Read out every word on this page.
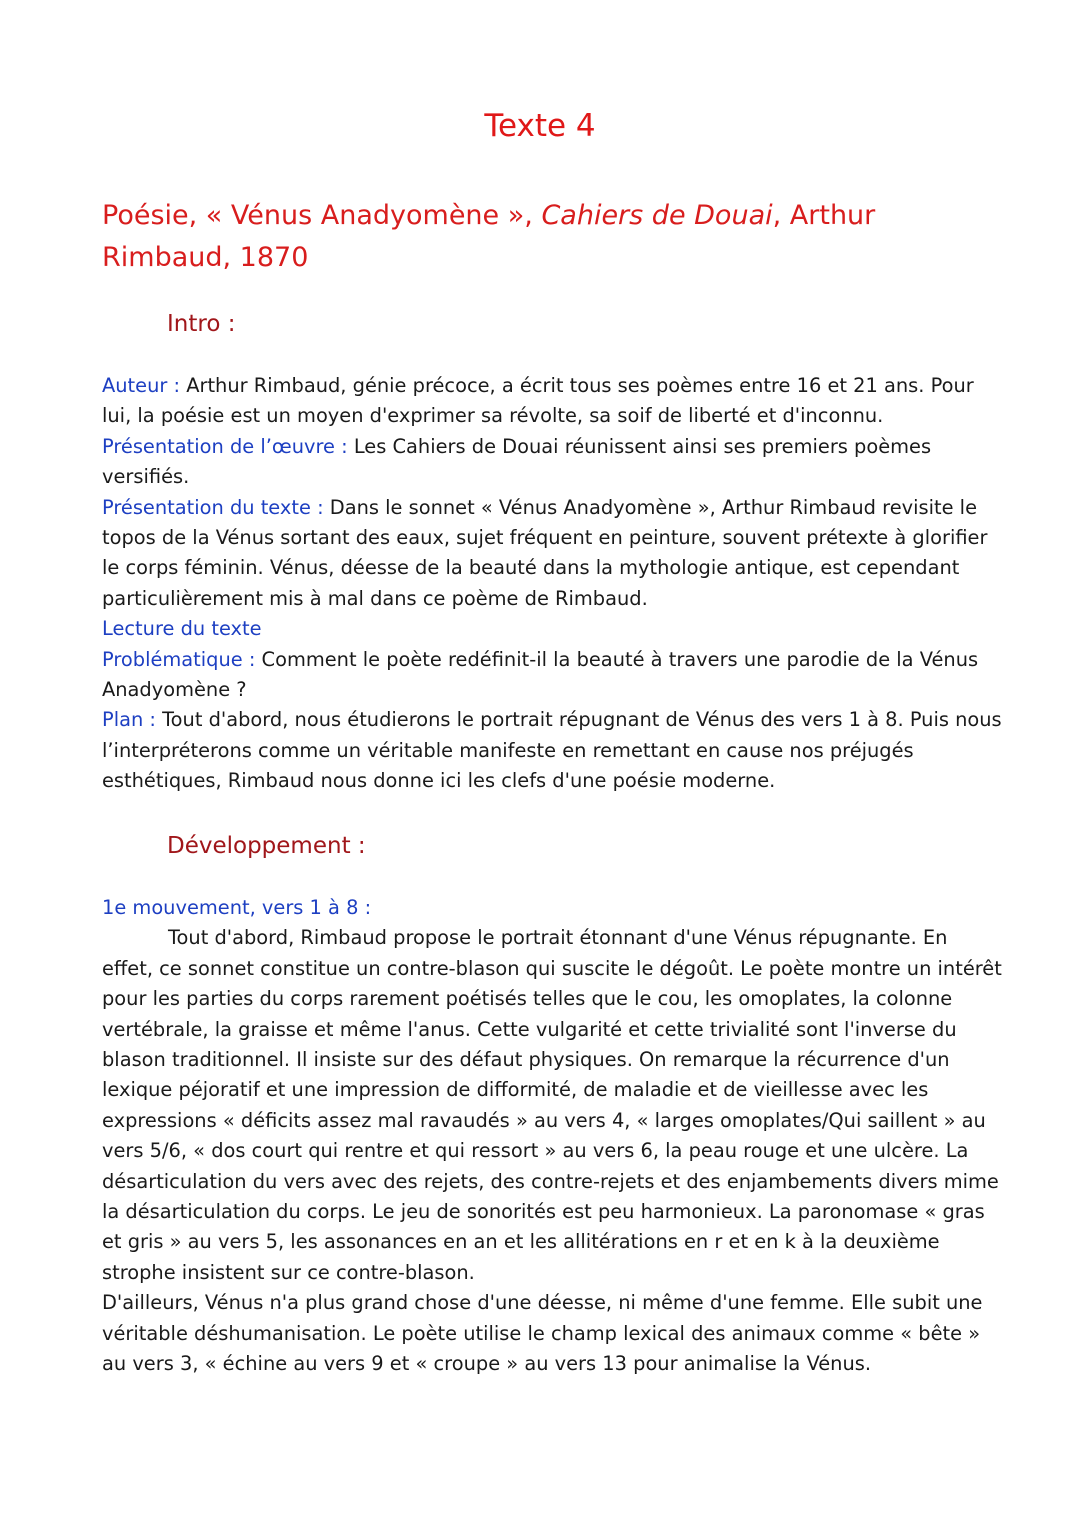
Texte 4
Poésie, « Vénus Anadyomène », Cahiers de Douai, Arthur Rimbaud, 1870
Intro :

Auteur : Arthur Rimbaud, génie précoce, a écrit tous ses poèmes entre 16 et 21 ans. Pour lui, la poésie est un moyen d'exprimer sa révolte, sa soif de liberté et d'inconnu.

Présentation de l’œuvre : Les Cahiers de Douai réunissent ainsi ses premiers poèmes versifiés.

Présentation du texte : Dans le sonnet « Vénus Anadyomène », Arthur Rimbaud revisite le topos de la Vénus sortant des eaux, sujet fréquent en peinture, souvent prétexte à glorifier le corps féminin. Vénus, déesse de la beauté dans la mythologie antique, est cependant particulièrement mis à mal dans ce poème de Rimbaud.

Lecture du texte

Problématique : Comment le poète redéfinit-il la beauté à travers une parodie de la Vénus Anadyomène ?

Plan : Tout d'abord, nous étudierons le portrait répugnant de Vénus des vers 1 à 8. Puis nous l’interpréterons comme un véritable manifeste en remettant en cause nos préjugés esthétiques, Rimbaud nous donne ici les clefs d'une poésie moderne.

Développement :

1e mouvement, vers 1 à 8 :

Tout d'abord, Rimbaud propose le portrait étonnant d'une Vénus répugnante. En effet, ce sonnet constitue un contre-blason qui suscite le dégoût. Le poète montre un intérêt pour les parties du corps rarement poétisés telles que le cou, les omoplates, la colonne vertébrale, la graisse et même l'anus. Cette vulgarité et cette trivialité sont l'inverse du blason traditionnel. Il insiste sur des défaut physiques. On remarque la récurrence d'un lexique péjoratif et une impression de difformité, de maladie et de vieillesse avec les expressions « déficits assez mal ravaudés » au vers 4, « larges omoplates/Qui saillent » au vers 5/6, « dos court qui rentre et qui ressort » au vers 6, la peau rouge et une ulcère. La désarticulation du vers avec des rejets, des contre-rejets et des enjambements divers mime la désarticulation du corps. Le jeu de sonorités est peu harmonieux. La paronomase « gras et gris » au vers 5, les assonances en an et les allitérations en r et en k à la deuxième strophe insistent sur ce contre-blason.

D'ailleurs, Vénus n'a plus grand chose d'une déesse, ni même d'une femme. Elle subit une véritable déshumanisation. Le poète utilise le champ lexical des animaux comme « bête » au vers 3, « échine au vers 9 et « croupe » au vers 13 pour animalise la Vénus.
